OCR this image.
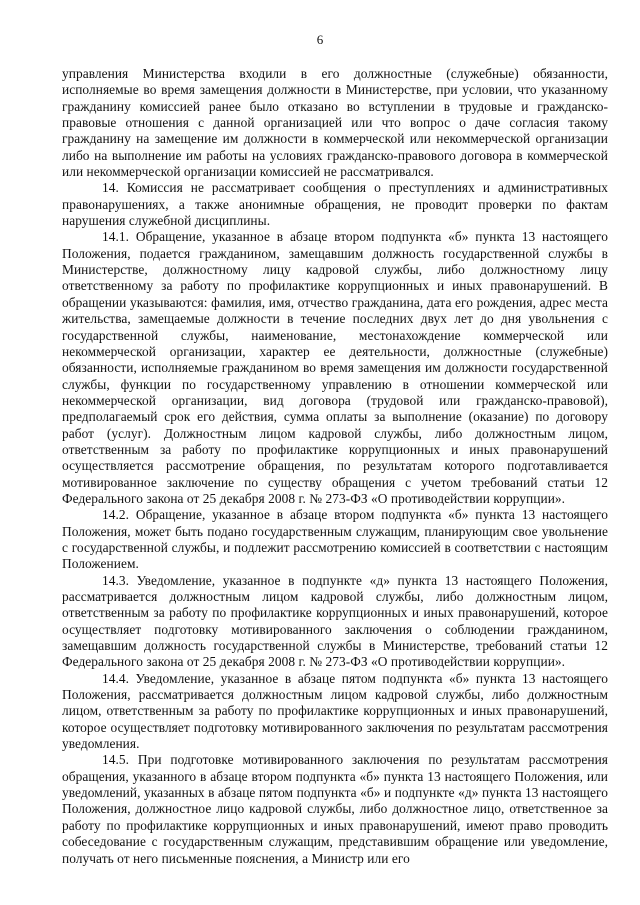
6

управления Министерства входили в его должностные (служебные) обязанности, исполняемые во время замещения должности в Министерстве, при условии, что указанному гражданину комиссией ранее было отказано во вступлении в трудовые и гражданско-правовые отношения с данной организацией или что вопрос о даче согласия такому гражданину на замещение им должности в коммерческой или некоммерческой организации либо на выполнение им работы на условиях гражданско-правового договора в коммерческой или некоммерческой организации комиссией не рассматривался.

14. Комиссия не рассматривает сообщения о преступлениях и административных правонарушениях, а также анонимные обращения, не проводит проверки по фактам нарушения служебной дисциплины.

14.1. Обращение, указанное в абзаце втором подпункта «б» пункта 13 настоящего Положения, подается гражданином, замещавшим должность государственной службы в Министерстве, должностному лицу кадровой службы, либо должностному лицу ответственному за работу по профилактике коррупционных и иных правонарушений. В обращении указываются: фамилия, имя, отчество гражданина, дата его рождения, адрес места жительства, замещаемые должности в течение последних двух лет до дня увольнения с государственной службы, наименование, местонахождение коммерческой или некоммерческой организации, характер ее деятельности, должностные (служебные) обязанности, исполняемые гражданином во время замещения им должности государственной службы, функции по государственному управлению в отношении коммерческой или некоммерческой организации, вид договора (трудовой или гражданско-правовой), предполагаемый срок его действия, сумма оплаты за выполнение (оказание) по договору работ (услуг). Должностным лицом кадровой службы, либо должностным лицом, ответственным за работу по профилактике коррупционных и иных правонарушений осуществляется рассмотрение обращения, по результатам которого подготавливается мотивированное заключение по существу обращения с учетом требований статьи 12 Федерального закона от 25 декабря 2008 г. № 273-ФЗ «О противодействии коррупции».

14.2. Обращение, указанное в абзаце втором подпункта «б» пункта 13 настоящего Положения, может быть подано государственным служащим, планирующим свое увольнение с государственной службы, и подлежит рассмотрению комиссией в соответствии с настоящим Положением.

14.3. Уведомление, указанное в подпункте «д» пункта 13 настоящего Положения, рассматривается должностным лицом кадровой службы, либо должностным лицом, ответственным за работу по профилактике коррупционных и иных правонарушений, которое осуществляет подготовку мотивированного заключения о соблюдении гражданином, замещавшим должность государственной службы в Министерстве, требований статьи 12 Федерального закона от 25 декабря 2008 г. № 273-ФЗ «О противодействии коррупции».

14.4. Уведомление, указанное в абзаце пятом подпункта «б» пункта 13 настоящего Положения, рассматривается должностным лицом кадровой службы, либо должностным лицом, ответственным за работу по профилактике коррупционных и иных правонарушений, которое осуществляет подготовку мотивированного заключения по результатам рассмотрения уведомления.

14.5. При подготовке мотивированного заключения по результатам рассмотрения обращения, указанного в абзаце втором подпункта «б» пункта 13 настоящего Положения, или уведомлений, указанных в абзаце пятом подпункта «б» и подпункте «д» пункта 13 настоящего Положения, должностное лицо кадровой службы, либо должностное лицо, ответственное за работу по профилактике коррупционных и иных правонарушений, имеют право проводить собеседование с государственным служащим, представившим обращение или уведомление, получать от него письменные пояснения, а Министр или его
